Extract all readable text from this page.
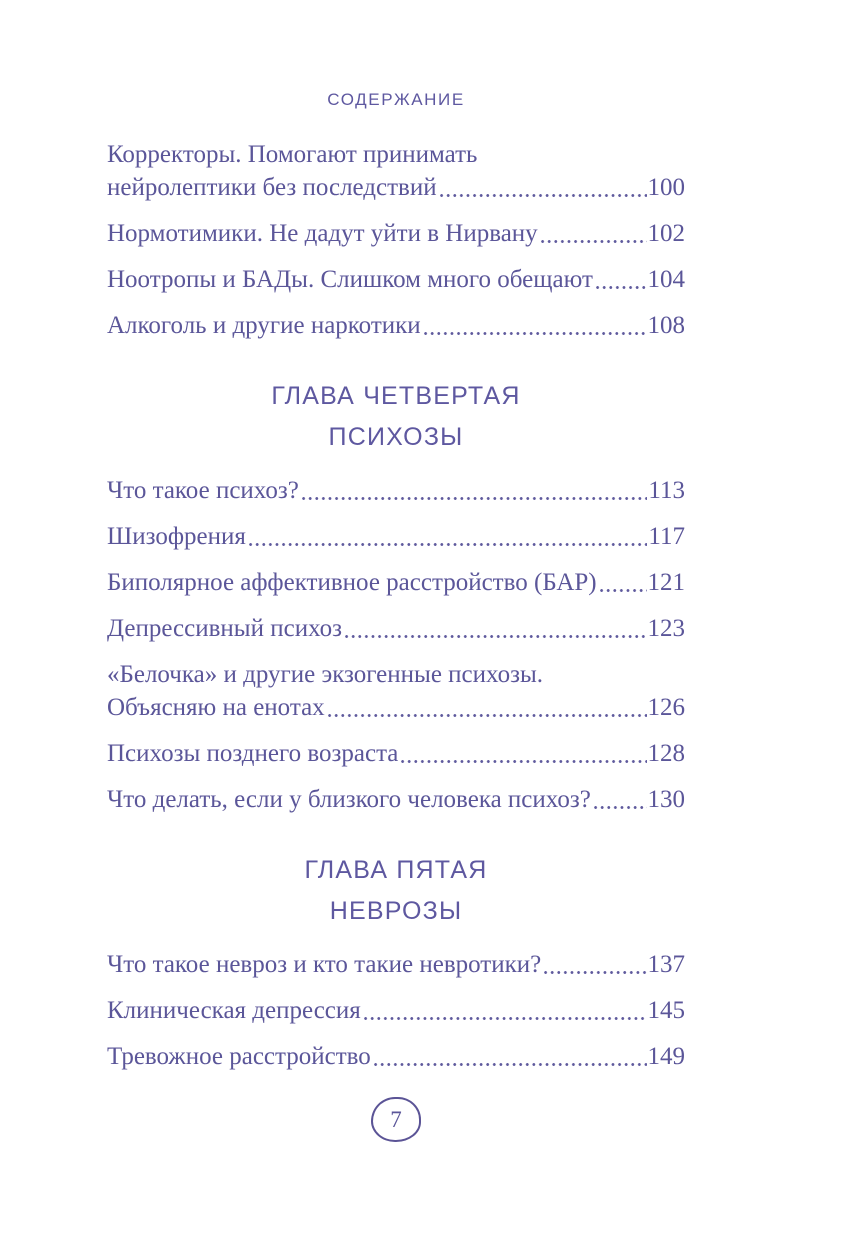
СОДЕРЖАНИЕ
Корректоры. Помогают принимать
нейролептики без последствий	100
Нормотимики. Не дадут уйти в Нирвану	102
Ноотропы и БАДы. Слишком много обещают 104
Алкоголь и другие наркотики	108
ГЛАВА ЧЕТВЕРТАЯ
ПСИХОЗЫ
Что такое психоз?	113
Шизофрения	117
Биполярное аффективное расстройство (БАР) 121
Депрессивный психоз	123
«Белочка» и другие экзогенные психозы.
Объясняю на енотах	126
Психозы позднего возраста	128
Что делать, если у близкого человека психоз? 130
ГЛАВА ПЯТАЯ
НЕВРОЗЫ
Что такое невроз и кто такие невротики?	137
Клиническая депрессия	145
Тревожное расстройство	149
7
